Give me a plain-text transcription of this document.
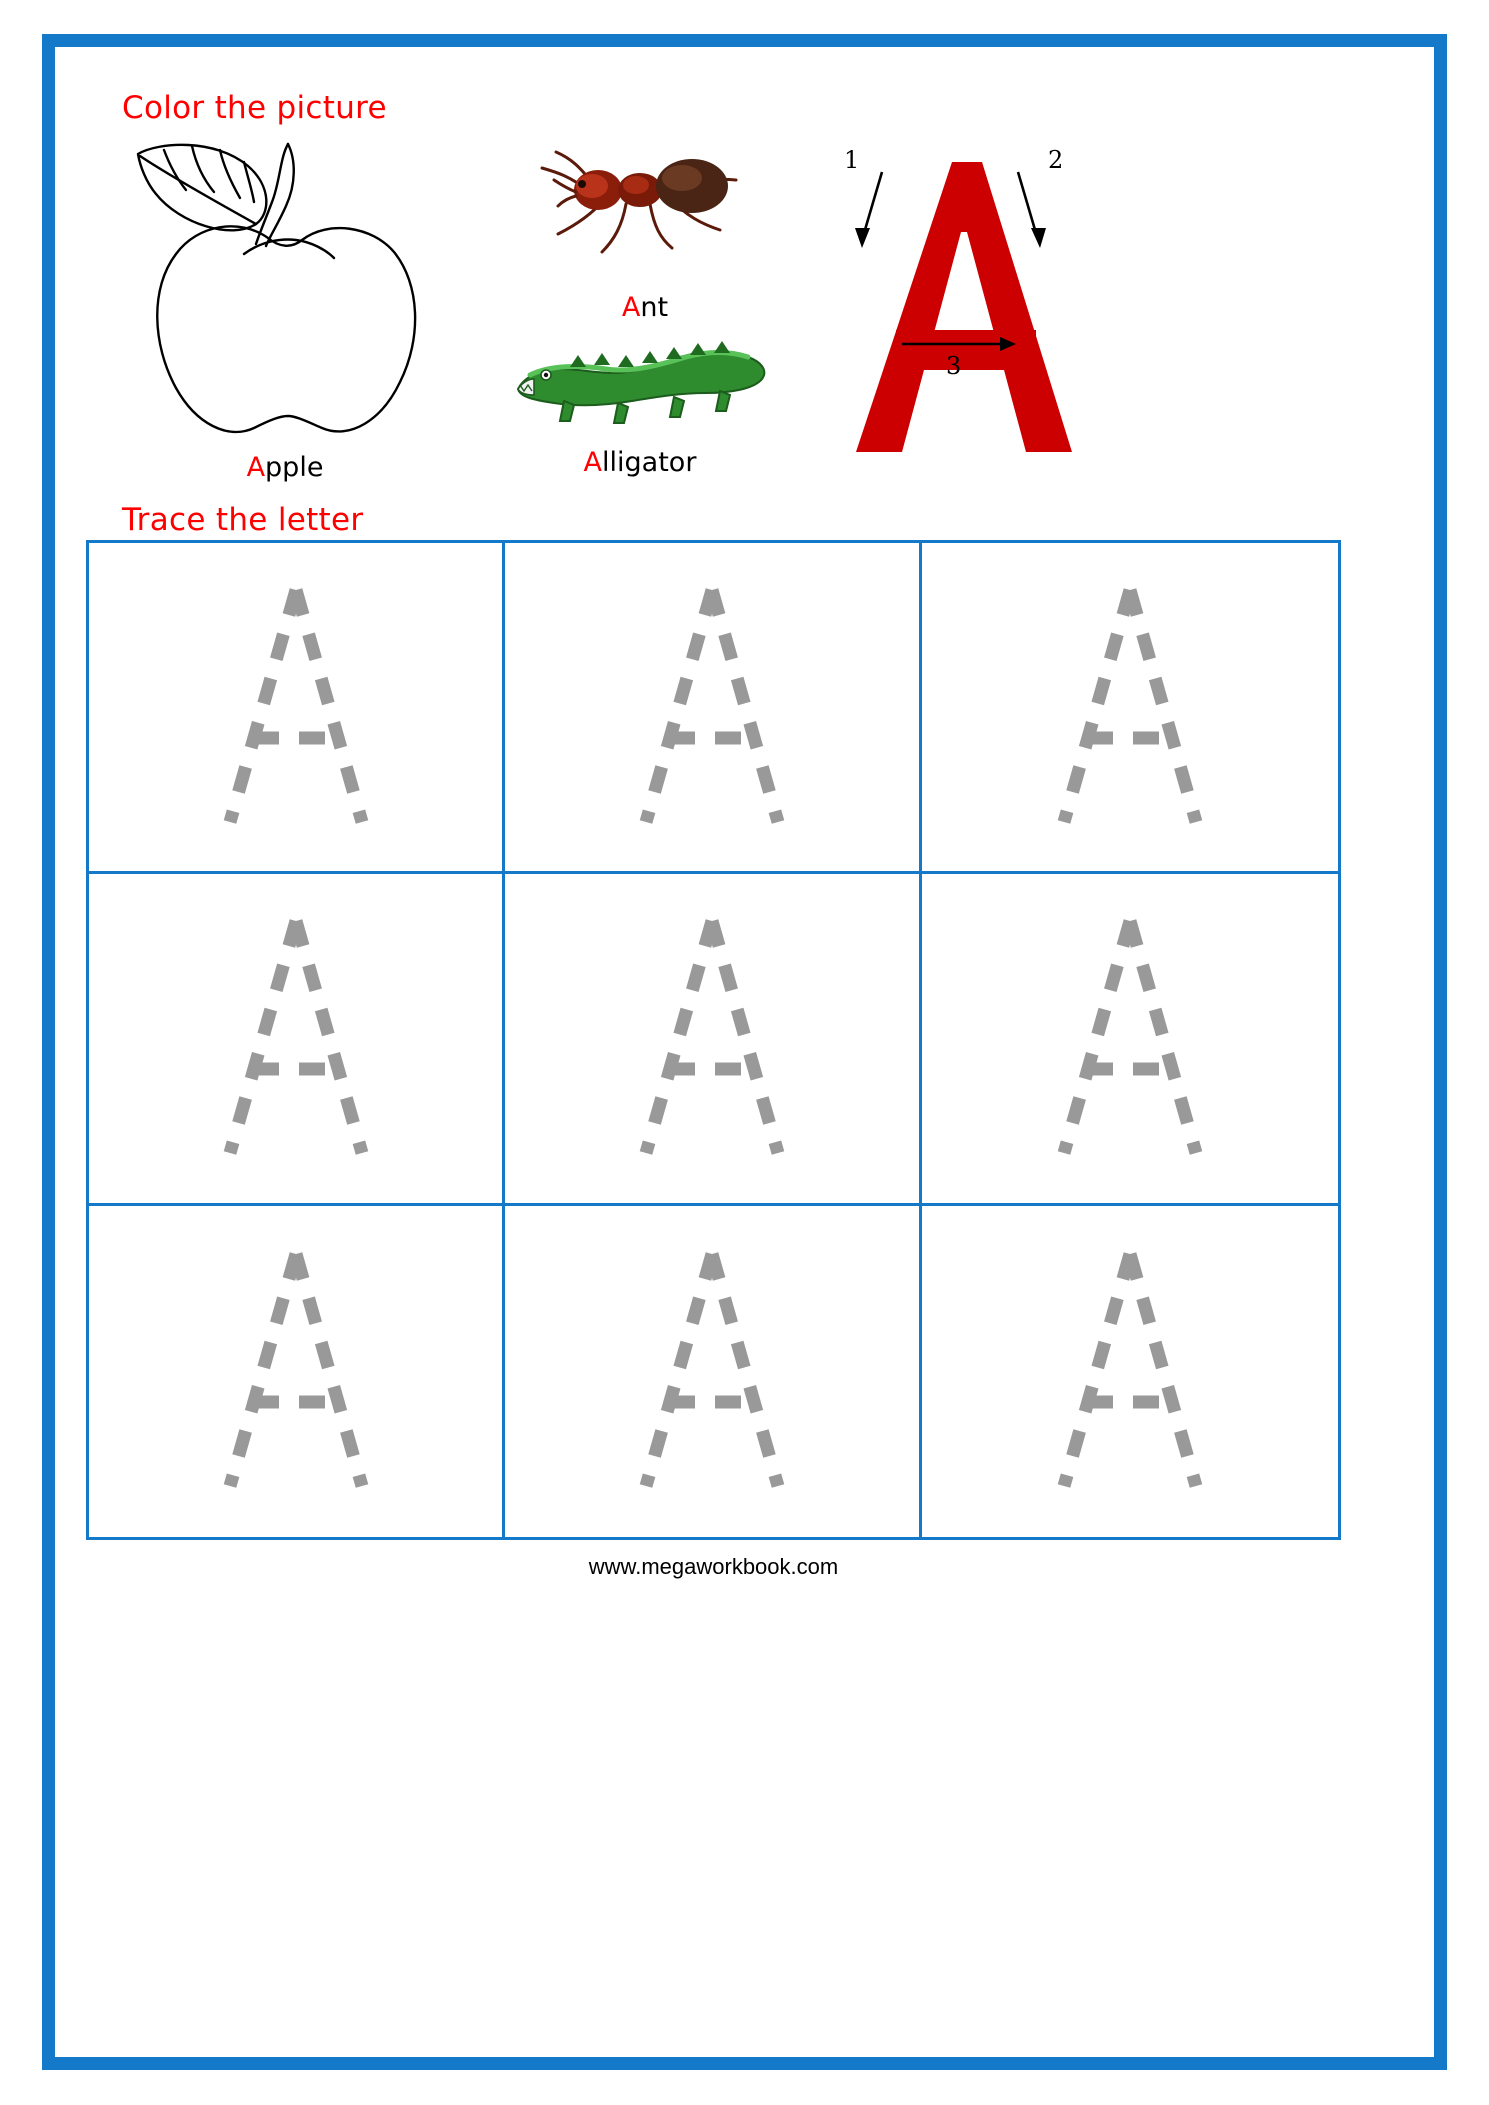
Color the picture
Apple
Ant
Alligator
1	2
3
Trace the letter
www.megaworkbook.com
